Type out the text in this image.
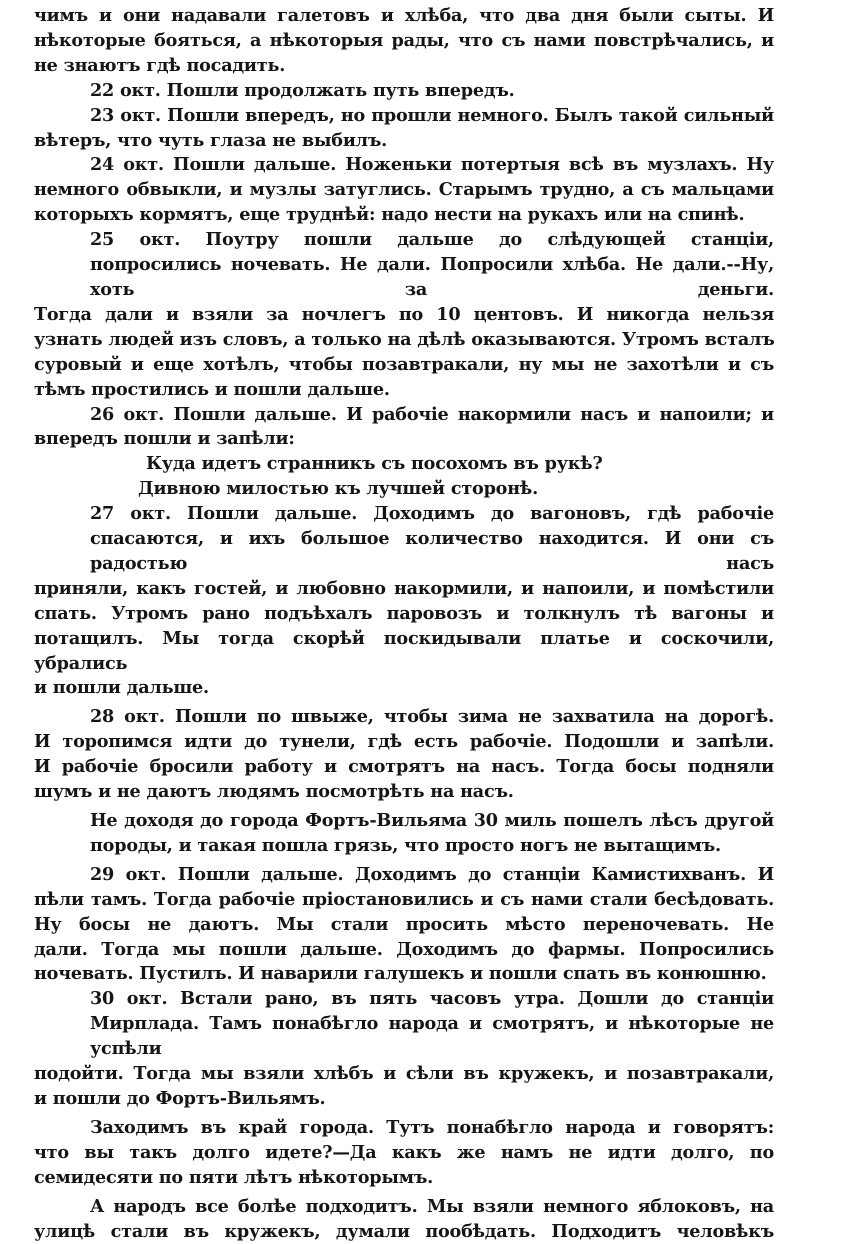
чимъ и они надавали галетовъ и хлѣба, что два дня были сыты. И
нѣкоторые бояться, а нѣкоторыя рады, что съ нами повстрѣчались, и
не знаютъ гдѣ посадить.

22 окт. Пошли продолжать путь впередъ.

23 окт. Пошли впередъ, но прошли немного. Былъ такой сильный
вѣтеръ, что чуть глаза не выбилъ.

24 окт. Пошли дальше. Ноженьки потертыя всѣ въ музлахъ. Ну
немного обвыкли, и музлы затуглись. Старымъ трудно, а съ мальцами
которыхъ кормятъ, еще труднѣй: надо нести на рукахъ или на спинѣ.

25 окт. Поутру пошли дальше до слѣдующей станціи, попросились ночевать. Не дали. Попросили хлѣба. Не дали.--Ну, хоть за деньги.
Тогда дали и взяли за ночлегъ по 10 центовъ. И никогда нельзя
узнать людей изъ словъ, а только на дѣлѣ оказываются. Утромъ всталъ
суровый и еще хотѣлъ, чтобы позавтракали, ну мы не захотѣли и съ
тѣмъ простились и пошли дальше.

26 окт. Пошли дальше. И рабочіе накормили насъ и напоили; и
впередъ пошли и запѣли:

Куда идетъ странникъ съ посохомъ въ рукѣ?
Дивною милостью къ лучшей сторонѣ.

27 окт. Пошли дальше. Доходимъ до вагоновъ, гдѣ рабочіе спасаются, и ихъ большое количество находится. И они съ радостью насъ
приняли, какъ гостей, и любовно накормили, и напоили, и помѣстили
спать. Утромъ рано подъѣхалъ паровозъ и толкнулъ тѣ вагоны и потащилъ. Мы тогда скорѣй поскидывали платье и соскочили, убрались
и пошли дальше.

28 окт. Пошли по швыже, чтобы зима не захватила на дорогѣ.
И торопимся идти до тунели, гдѣ есть рабочіе. Подошли и запѣли.
И рабочіе бросили работу и смотрятъ на насъ. Тогда босы подняли
шумъ и не даютъ людямъ посмотрѣть на насъ.

Не доходя до города Фортъ-Вильяма 30 миль пошелъ лѣсъ другой породы, и такая пошла грязь, что просто ногъ не вытащимъ.

29 окт. Пошли дальше. Доходимъ до станціи Камистихванъ. И
пѣли тамъ. Тогда рабочіе пріостановились и съ нами стали бесѣдовать. Ну босы не даютъ. Мы стали просить мѣсто переночевать. Не
дали. Тогда мы пошли дальше. Доходимъ до фармы. Попросились ночевать. Пустилъ. И наварили галушекъ и пошли спать въ конюшню.

30 окт. Встали рано, въ пять часовъ утра. Дошли до станціи Мирплада. Тамъ понабѣгло народа и смотрятъ, и нѣкоторые не успѣли
подойти. Тогда мы взяли хлѣбъ и сѣли въ кружекъ, и позавтракали,
и пошли до Фортъ-Вильямъ.

Заходимъ въ край города. Тутъ понабѣгло народа и говорятъ:
что вы такъ долго идете?—Да какъ же намъ не идти долго, по семидесяти по пяти лѣтъ нѣкоторымъ.

А народъ все болѣе подходитъ. Мы взяли немного яблоковъ, на
улицѣ стали въ кружекъ, думали пообѣдать. Подходитъ человѣкъ
